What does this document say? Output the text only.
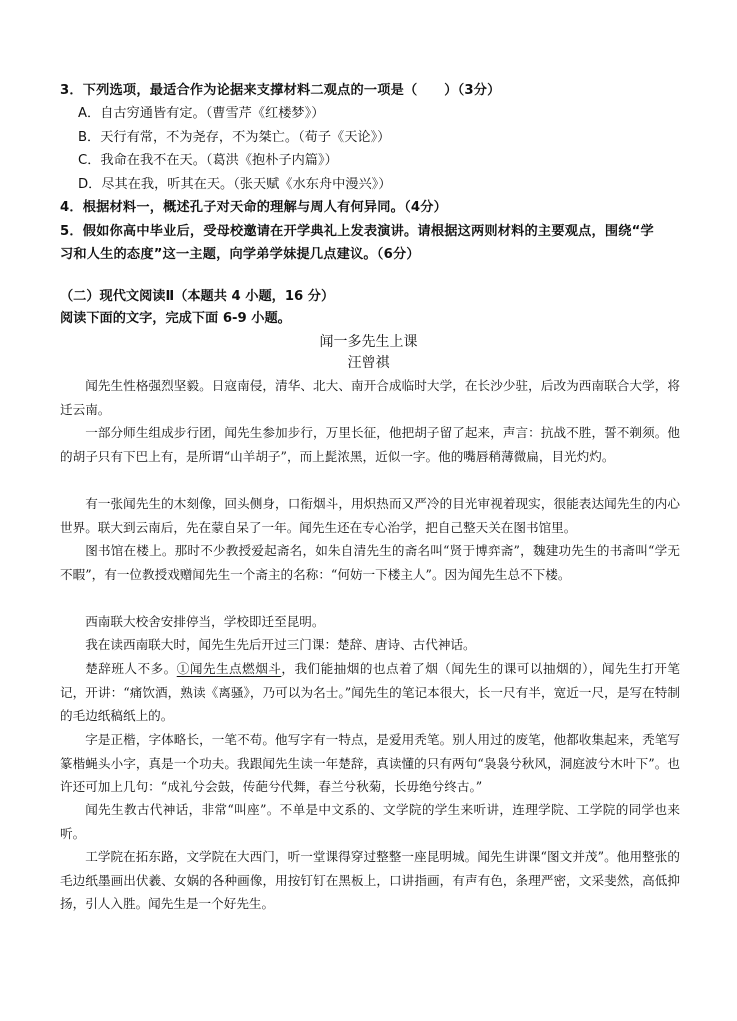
3．下列选项，最适合作为论据来支撑材料二观点的一项是（　　）（3分）
A．自古穷通皆有定。（曹雪芹《红楼梦》）
B．天行有常，不为尧存，不为桀亡。（荀子《天论》）
C．我命在我不在天。（葛洪《抱朴子内篇》）
D．尽其在我，听其在天。（张天赋《水东舟中漫兴》）
4．根据材料一，概述孔子对天命的理解与周人有何异同。（4分）
5．假如你高中毕业后，受母校邀请在开学典礼上发表演讲。请根据这两则材料的主要观点，围绕“学
习和人生的态度”这一主题，向学弟学妹提几点建议。（6分）
（二）现代文阅读Ⅱ（本题共 4 小题，16 分）
阅读下面的文字，完成下面 6-9 小题。
闻一多先生上课
汪曾祺
闻先生性格强烈坚毅。日寇南侵，清华、北大、南开合成临时大学，在长沙少驻，后改为西南联合大学，将迁云南。
一部分师生组成步行团，闻先生参加步行，万里长征，他把胡子留了起来，声言：抗战不胜，誓不剃须。他的胡子只有下巴上有，是所谓“山羊胡子”，而上髭浓黑，近似一字。他的嘴唇稍薄微扁，目光灼灼。
有一张闻先生的木刻像，回头侧身，口衔烟斗，用炽热而又严冷的目光审视着现实，很能表达闻先生的内心世界。联大到云南后，先在蒙自呆了一年。闻先生还在专心治学，把自己整天关在图书馆里。
图书馆在楼上。那时不少教授爱起斋名，如朱自清先生的斋名叫“贤于博弈斋”，魏建功先生的书斋叫“学无不暇”，有一位教授戏赠闻先生一个斋主的名称：“何妨一下楼主人”。因为闻先生总不下楼。
西南联大校舍安排停当，学校即迁至昆明。
我在读西南联大时，闻先生先后开过三门课：楚辞、唐诗、古代神话。
楚辞班人不多。①闻先生点燃烟斗，我们能抽烟的也点着了烟（闻先生的课可以抽烟的），闻先生打开笔记，开讲：“痛饮酒，熟读《离骚》，乃可以为名士。”闻先生的笔记本很大，长一尺有半，宽近一尺，是写在特制的毛边纸稿纸上的。
字是正楷，字体略长，一笔不苟。他写字有一特点，是爱用秃笔。别人用过的废笔，他都收集起来，秃笔写篆楷蝇头小字，真是一个功夫。我跟闻先生读一年楚辞，真读懂的只有两句“袅袅兮秋风，洞庭波兮木叶下”。也许还可加上几句：“成礼兮会鼓，传葩兮代舞，春兰兮秋菊，长毋绝兮终古。”
闻先生教古代神话，非常“叫座”。不单是中文系的、文学院的学生来听讲，连理学院、工学院的同学也来听。
工学院在拓东路，文学院在大西门，听一堂课得穿过整整一座昆明城。闻先生讲课“图文并茂”。他用整张的毛边纸墨画出伏羲、女娲的各种画像，用按钉钉在黑板上，口讲指画，有声有色，条理严密，文采斐然，高低抑扬，引人入胜。闻先生是一个好先生。
